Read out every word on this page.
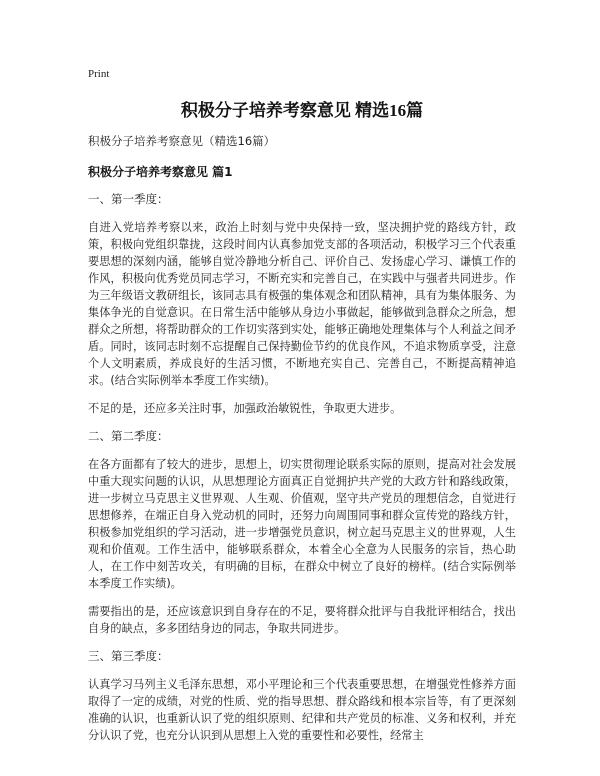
Print
积极分子培养考察意见 精选16篇
积极分子培养考察意见（精选16篇）
积极分子培养考察意见 篇1
一、第一季度：

自进入党培养考察以来，政治上时刻与党中央保持一致，坚决拥护党的路线方针，政策，积极向党组织靠拢，这段时间内认真参加党支部的各项活动，积极学习三个代表重要思想的深刻内涵，能够自觉冷静地分析自己、评价自己、发扬虚心学习、谦慎工作的作风，积极向优秀党员同志学习，不断充实和完善自己，在实践中与强者共同进步。作为三年级语文教研组长，该同志具有极强的集体观念和团队精神，具有为集体服务、为集体争光的自觉意识。在日常生活中能够从身边小事做起，能够做到急群众之所急，想群众之所想，将帮助群众的工作切实落到实处，能够正确地处理集体与个人利益之间矛盾。同时，该同志时刻不忘提醒自己保持勤俭节约的优良作风，不追求物质享受，注意个人文明素质，养成良好的生活习惯，不断地充实自己、完善自己，不断提高精神追求。(结合实际例举本季度工作实绩)。

不足的是，还应多关注时事，加强政治敏锐性，争取更大进步。

二、第二季度：

在各方面都有了较大的进步，思想上，切实贯彻理论联系实际的原则，提高对社会发展中重大现实问题的认识，从思想理论方面真正自觉拥护共产党的大政方针和路线政策，进一步树立马克思主义世界观、人生观、价值观，坚守共产党员的理想信念，自觉进行思想修养，在端正自身入党动机的同时，还努力向周围同事和群众宣传党的路线方针，积极参加党组织的学习活动，进一步增强党员意识，树立起马克思主义的世界观，人生观和价值观。工作生活中，能够联系群众，本着全心全意为人民服务的宗旨，热心助人，在工作中刻苦攻关，有明确的目标，在群众中树立了良好的榜样。(结合实际例举本季度工作实绩)。

需要指出的是，还应该意识到自身存在的不足，要将群众批评与自我批评相结合，找出自身的缺点，多多团结身边的同志，争取共同进步。

三、第三季度：

认真学习马列主义毛泽东思想，邓小平理论和三个代表重要思想，在增强党性修养方面取得了一定的成绩，对党的性质、党的指导思想、群众路线和根本宗旨等，有了更深刻准确的认识，也重新认识了党的组织原则、纪律和共产党员的标准、义务和权利，并充分认识了党，也充分认识到从思想上入党的重要性和必要性，经常主
